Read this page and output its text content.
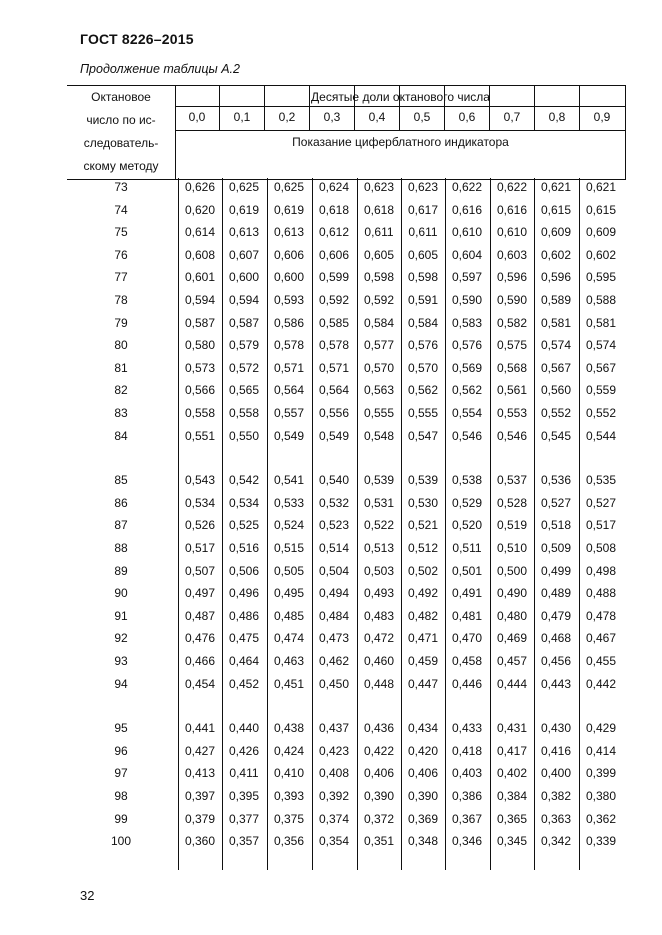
ГОСТ 8226–2015
Продолжение таблицы А.2
Октановое
число по ис-
следователь-
скому методу
Десятые доли октанового числа
0,0	0,1	0,2	0,3	0,4	0,5	0,6	0,7	0,8	0,9
Показание циферблатного индикатора
73	0,626	0,625	0,625	0,624	0,623	0,623	0,622	0,622	0,621	0,621
74	0,620	0,619	0,619	0,618	0,618	0,617	0,616	0,616	0,615	0,615
75	0,614	0,613	0,613	0,612	0,611	0,611	0,610	0,610	0,609	0,609
76	0,608	0,607	0,606	0,606	0,605	0,605	0,604	0,603	0,602	0,602
77	0,601	0,600	0,600	0,599	0,598	0,598	0,597	0,596	0,596	0,595
78	0,594	0,594	0,593	0,592	0,592	0,591	0,590	0,590	0,589	0,588
79	0,587	0,587	0,586	0,585	0,584	0,584	0,583	0,582	0,581	0,581
80	0,580	0,579	0,578	0,578	0,577	0,576	0,576	0,575	0,574	0,574
81	0,573	0,572	0,571	0,571	0,570	0,570	0,569	0,568	0,567	0,567
82	0,566	0,565	0,564	0,564	0,563	0,562	0,562	0,561	0,560	0,559
83	0,558	0,558	0,557	0,556	0,555	0,555	0,554	0,553	0,552	0,552
84	0,551	0,550	0,549	0,549	0,548	0,547	0,546	0,546	0,545	0,544
85	0,543	0,542	0,541	0,540	0,539	0,539	0,538	0,537	0,536	0,535
86	0,534	0,534	0,533	0,532	0,531	0,530	0,529	0,528	0,527	0,527
87	0,526	0,525	0,524	0,523	0,522	0,521	0,520	0,519	0,518	0,517
88	0,517	0,516	0,515	0,514	0,513	0,512	0,511	0,510	0,509	0,508
89	0,507	0,506	0,505	0,504	0,503	0,502	0,501	0,500	0,499	0,498
90	0,497	0,496	0,495	0,494	0,493	0,492	0,491	0,490	0,489	0,488
91	0,487	0,486	0,485	0,484	0,483	0,482	0,481	0,480	0,479	0,478
92	0,476	0,475	0,474	0,473	0,472	0,471	0,470	0,469	0,468	0,467
93	0,466	0,464	0,463	0,462	0,460	0,459	0,458	0,457	0,456	0,455
94	0,454	0,452	0,451	0,450	0,448	0,447	0,446	0,444	0,443	0,442
95	0,441	0,440	0,438	0,437	0,436	0,434	0,433	0,431	0,430	0,429
96	0,427	0,426	0,424	0,423	0,422	0,420	0,418	0,417	0,416	0,414
97	0,413	0,411	0,410	0,408	0,406	0,406	0,403	0,402	0,400	0,399
98	0,397	0,395	0,393	0,392	0,390	0,390	0,386	0,384	0,382	0,380
99	0,379	0,377	0,375	0,374	0,372	0,369	0,367	0,365	0,363	0,362
100	0,360	0,357	0,356	0,354	0,351	0,348	0,346	0,345	0,342	0,339
32
